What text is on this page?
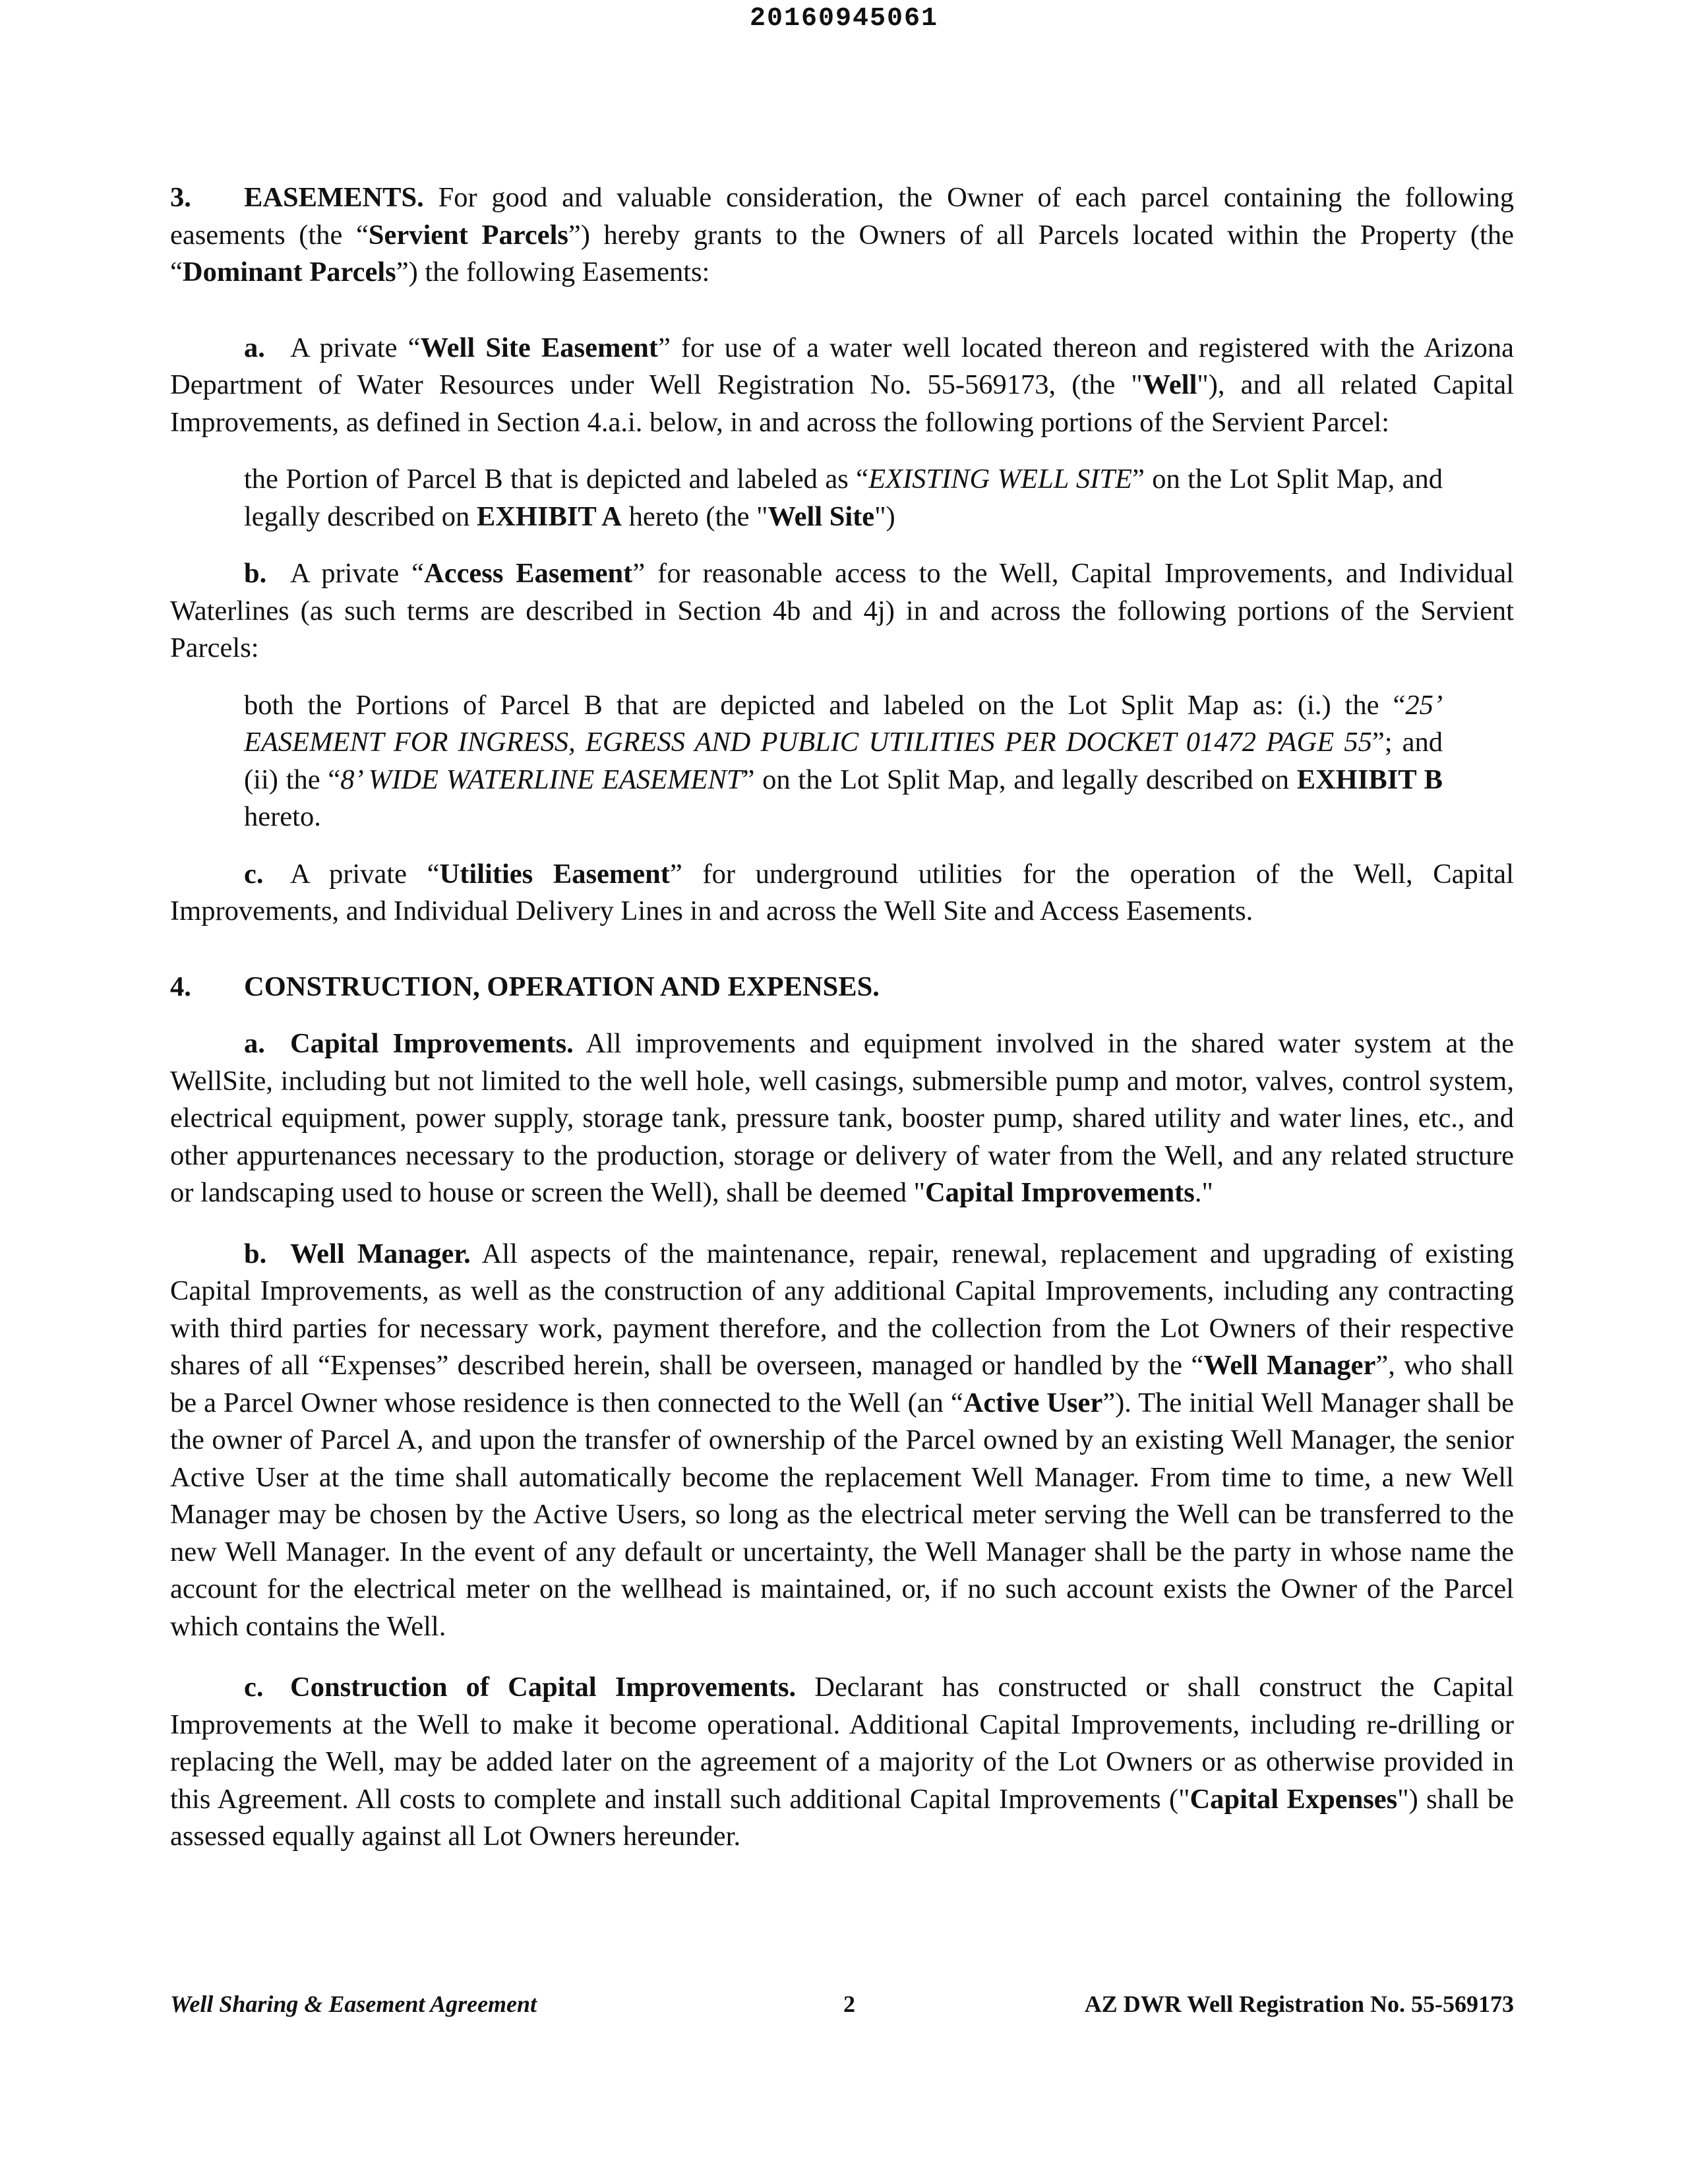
20160945061

3. EASEMENTS. For good and valuable consideration, the Owner of each parcel containing the following easements (the “Servient Parcels”) hereby grants to the Owners of all Parcels located within the Property (the “Dominant Parcels”) the following Easements:

a. A private “Well Site Easement” for use of a water well located thereon and registered with the Arizona Department of Water Resources under Well Registration No. 55-569173, (the "Well"), and all related Capital Improvements, as defined in Section 4.a.i. below, in and across the following portions of the Servient Parcel:

the Portion of Parcel B that is depicted and labeled as “EXISTING WELL SITE” on the Lot Split Map, and legally described on EXHIBIT A hereto (the "Well Site")

b. A private “Access Easement” for reasonable access to the Well, Capital Improvements, and Individual Waterlines (as such terms are described in Section 4b and 4j) in and across the following portions of the Servient Parcels:

both the Portions of Parcel B that are depicted and labeled on the Lot Split Map as: (i.) the “25’ EASEMENT FOR INGRESS, EGRESS AND PUBLIC UTILITIES PER DOCKET 01472 PAGE 55”; and (ii) the “8’ WIDE WATERLINE EASEMENT” on the Lot Split Map, and legally described on EXHIBIT B hereto.

c. A private “Utilities Easement” for underground utilities for the operation of the Well, Capital Improvements, and Individual Delivery Lines in and across the Well Site and Access Easements.

4. CONSTRUCTION, OPERATION AND EXPENSES.

a. Capital Improvements. All improvements and equipment involved in the shared water system at the WellSite, including but not limited to the well hole, well casings, submersible pump and motor, valves, control system, electrical equipment, power supply, storage tank, pressure tank, booster pump, shared utility and water lines, etc., and other appurtenances necessary to the production, storage or delivery of water from the Well, and any related structure or landscaping used to house or screen the Well), shall be deemed "Capital Improvements."

b. Well Manager. All aspects of the maintenance, repair, renewal, replacement and upgrading of existing Capital Improvements, as well as the construction of any additional Capital Improvements, including any contracting with third parties for necessary work, payment therefore, and the collection from the Lot Owners of their respective shares of all “Expenses” described herein, shall be overseen, managed or handled by the “Well Manager”, who shall be a Parcel Owner whose residence is then connected to the Well (an “Active User”). The initial Well Manager shall be the owner of Parcel A, and upon the transfer of ownership of the Parcel owned by an existing Well Manager, the senior Active User at the time shall automatically become the replacement Well Manager. From time to time, a new Well Manager may be chosen by the Active Users, so long as the electrical meter serving the Well can be transferred to the new Well Manager. In the event of any default or uncertainty, the Well Manager shall be the party in whose name the account for the electrical meter on the wellhead is maintained, or, if no such account exists the Owner of the Parcel which contains the Well.

c. Construction of Capital Improvements. Declarant has constructed or shall construct the Capital Improvements at the Well to make it become operational. Additional Capital Improvements, including re-drilling or replacing the Well, may be added later on the agreement of a majority of the Lot Owners or as otherwise provided in this Agreement. All costs to complete and install such additional Capital Improvements ("Capital Expenses") shall be assessed equally against all Lot Owners hereunder.

Well Sharing & Easement Agreement	2	AZ DWR Well Registration No. 55-569173
